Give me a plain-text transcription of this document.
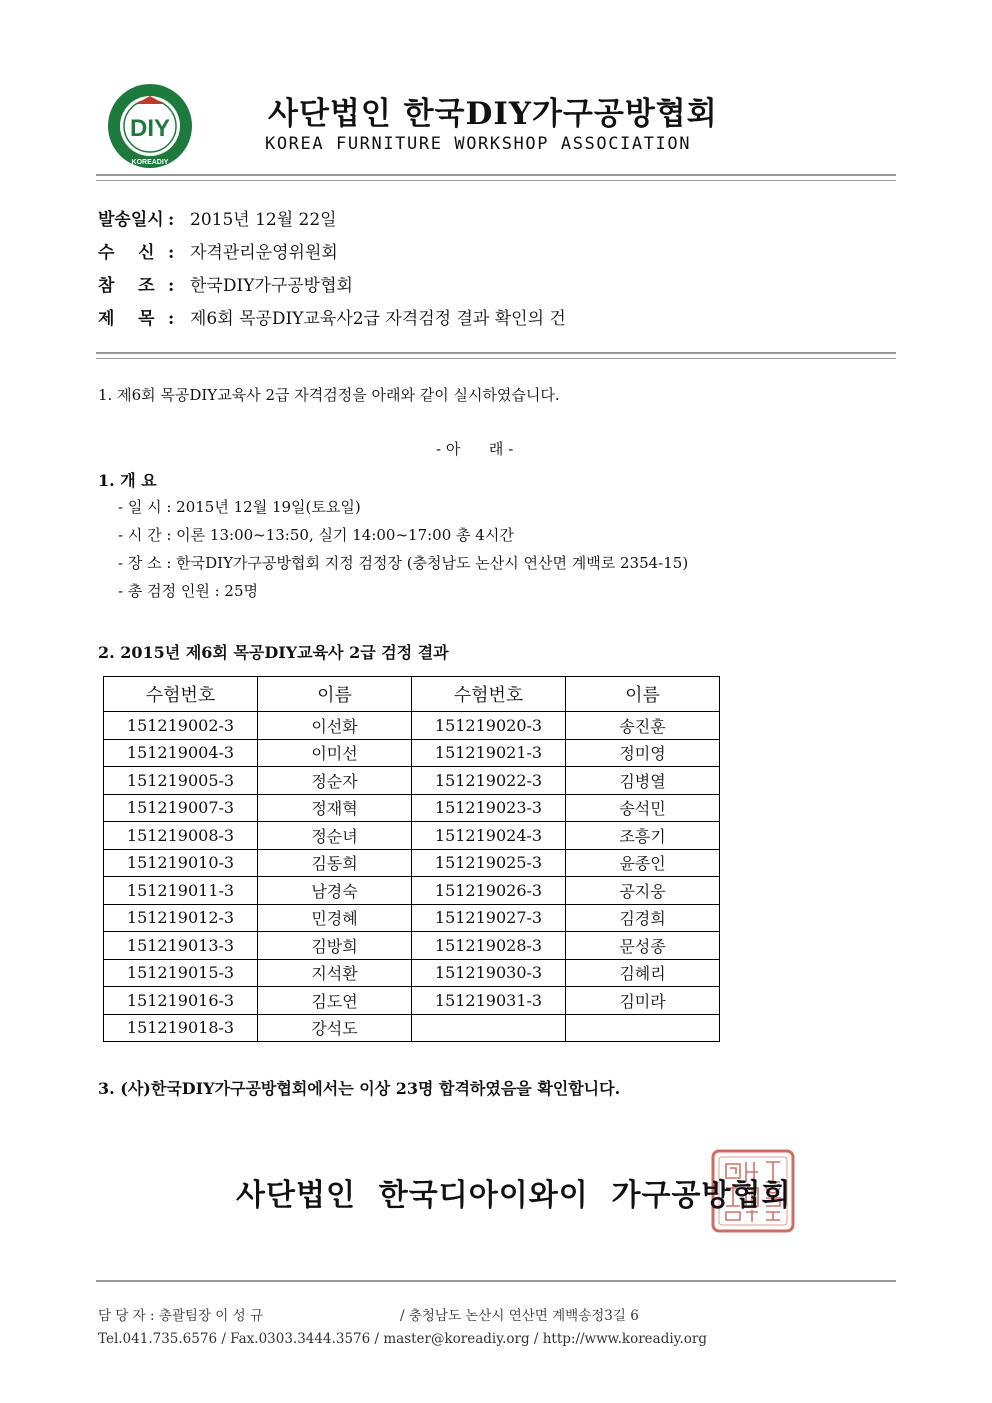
DIY
KOREADIY
사단법인 한국DIY가구공방협회
KOREA FURNITURE WORKSHOP ASSOCIATION
발송일시 : 2015년 12월 22일
수    신 : 자격관리운영위원회
참    조 : 한국DIY가구공방협회
제    목 : 제6회 목공DIY교육사2급 자격검정 결과 확인의 건
1. 제6회 목공DIY교육사 2급 자격검정을 아래와 같이 실시하였습니다.
- 아      래 -
1. 개 요
- 일 시 : 2015년 12월 19일(토요일)
- 시 간 : 이론 13:00~13:50, 실기 14:00~17:00 총 4시간
- 장 소 : 한국DIY가구공방협회 지정 검정장 (충청남도 논산시 연산면 계백로 2354-15)
- 총 검정 인원 : 25명
2. 2015년 제6회 목공DIY교육사 2급 검정 결과
수험번호	이름	수험번호	이름
151219002-3	이선화	151219020-3	송진훈
151219004-3	이미선	151219021-3	정미영
151219005-3	정순자	151219022-3	김병열
151219007-3	정재혁	151219023-3	송석민
151219008-3	정순녀	151219024-3	조흥기
151219010-3	김동희	151219025-3	윤종인
151219011-3	남경숙	151219026-3	공지웅
151219012-3	민경혜	151219027-3	김경희
151219013-3	김방희	151219028-3	문성종
151219015-3	지석환	151219030-3	김혜리
151219016-3	김도연	151219031-3	김미라
151219018-3	강석도		
3. (사)한국DIY가구공방협회에서는 이상 23명 합격하였음을 확인합니다.
사단법인  한국디아이와이  가구공방협회
담 당 자 : 총괄팀장 이 성 규	/ 충청남도 논산시 연산면 계백송정3길 6
Tel.041.735.6576 / Fax.0303.3444.3576 / master@koreadiy.org / http://www.koreadiy.org
